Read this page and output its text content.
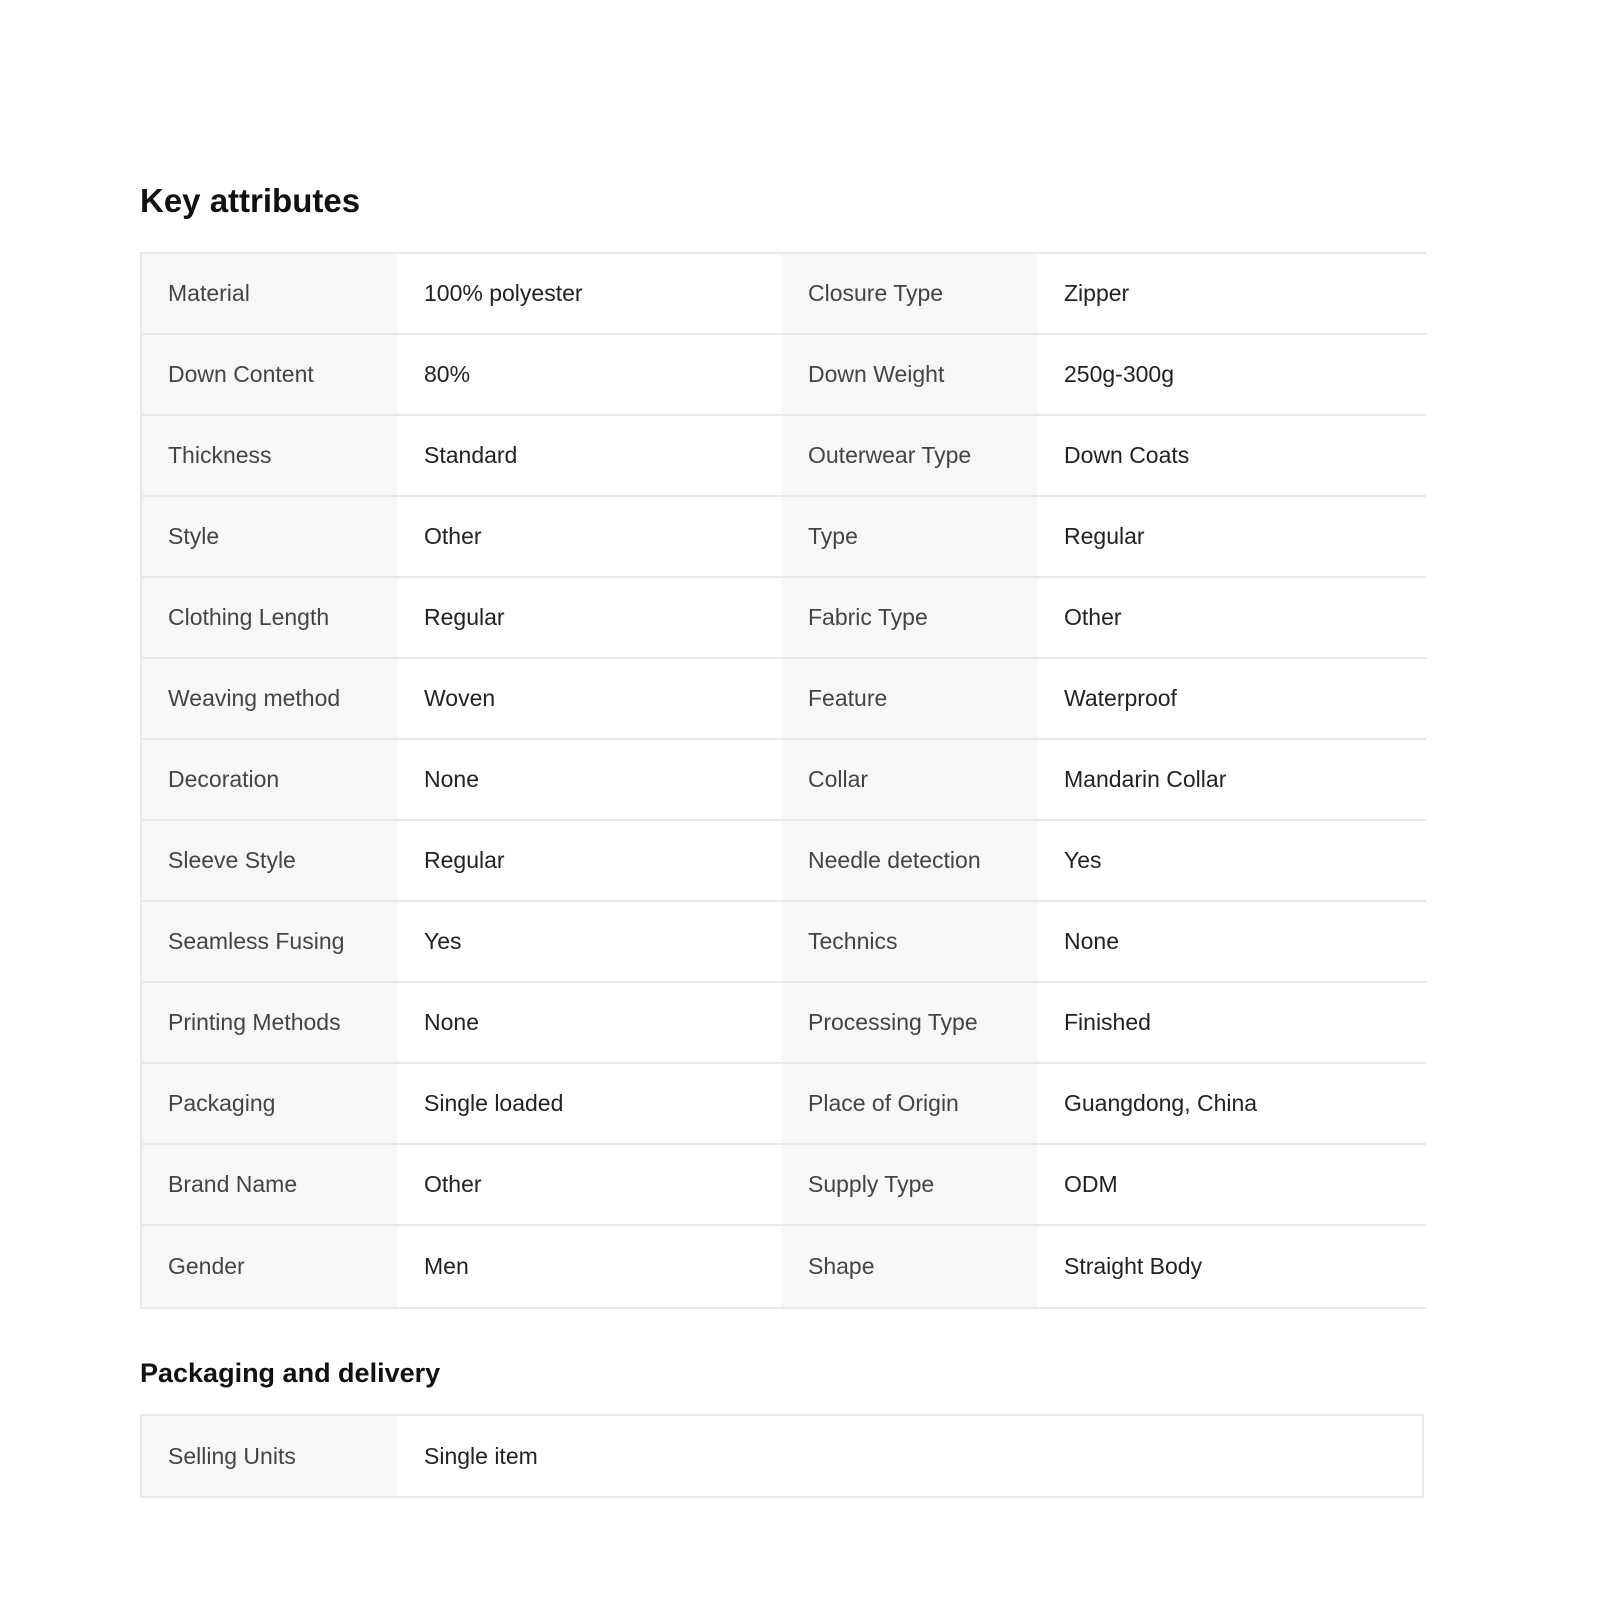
Key attributes
Material	100% polyester	Closure Type	Zipper
Down Content	80%	Down Weight	250g-300g
Thickness	Standard	Outerwear Type	Down Coats
Style	Other	Type	Regular
Clothing Length	Regular	Fabric Type	Other
Weaving method	Woven	Feature	Waterproof
Decoration	None	Collar	Mandarin Collar
Sleeve Style	Regular	Needle detection	Yes
Seamless Fusing	Yes	Technics	None
Printing Methods	None	Processing Type	Finished
Packaging	Single loaded	Place of Origin	Guangdong, China
Brand Name	Other	Supply Type	ODM
Gender	Men	Shape	Straight Body
Packaging and delivery
Selling Units	Single item
